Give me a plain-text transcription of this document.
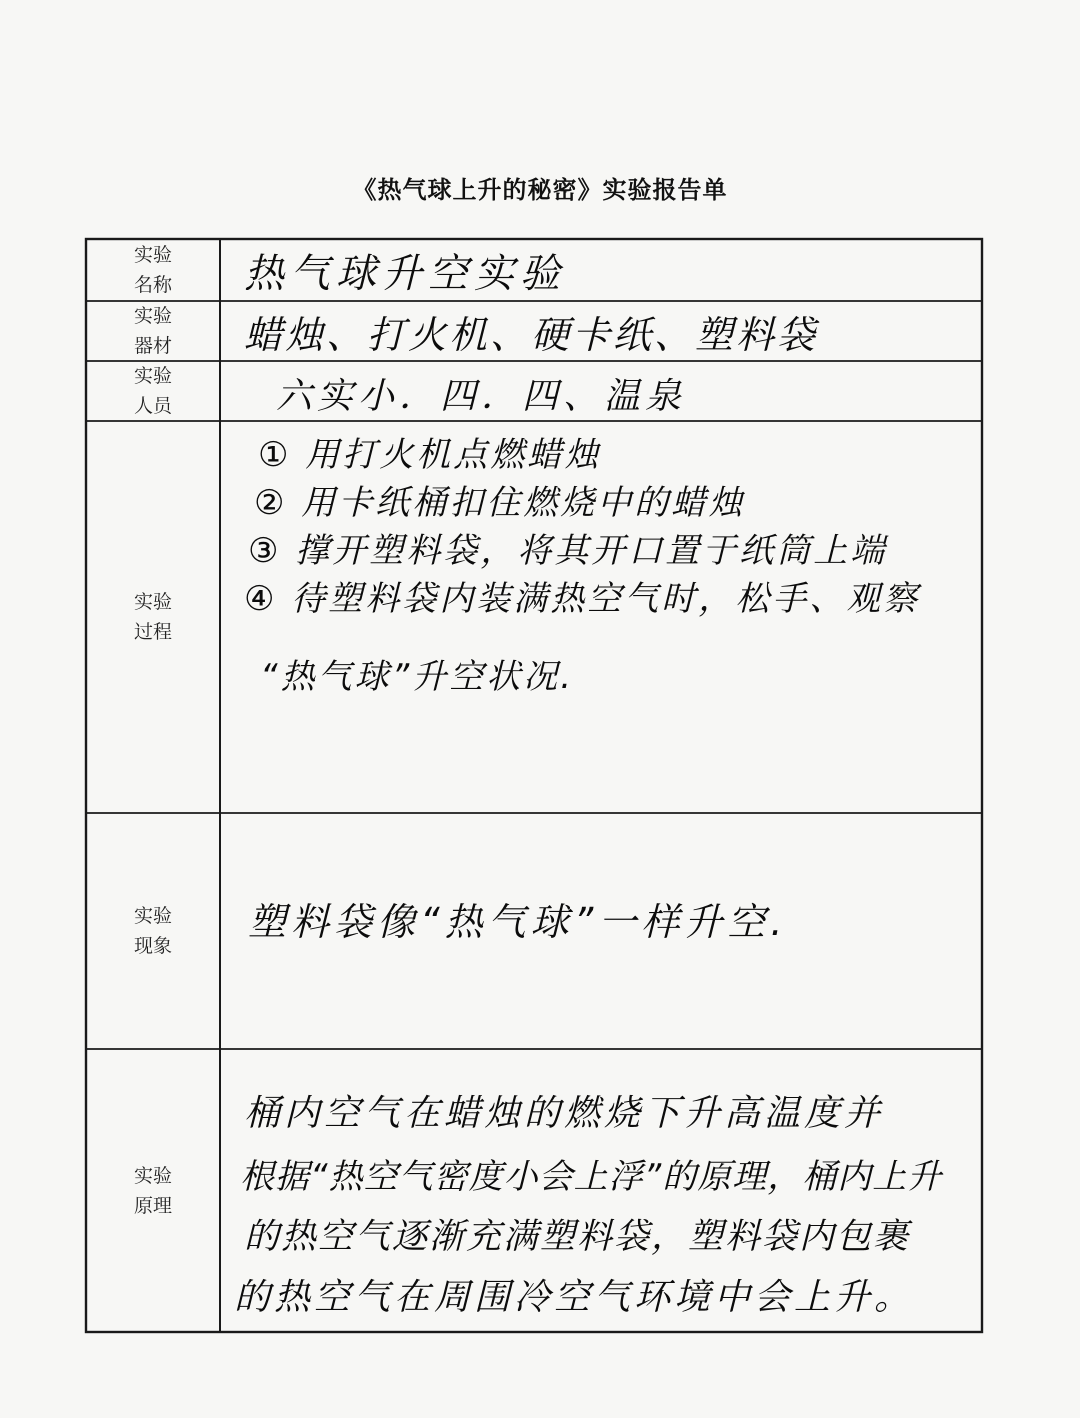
《热气球上升的秘密》实验报告单
实验
名称 热气球升空实验
实验
器材 蜡烛、打火机、硬卡纸、塑料袋
实验
人员	六实小．四．四、温泉
实验
过程
① 用打火机点燃蜡烛
② 用卡纸桶扣住燃烧中的蜡烛
③ 撑开塑料袋，将其开口置于纸筒上端
④ 待塑料袋内装满热空气时，松手、观察
“热气球”升空状况.
实验
现象
塑料袋像“热气球”一样升空.
实验
原理
桶内空气在蜡烛的燃烧下升高温度并
根据“热空气密度小会上浮”的原理，桶内上升
的热空气逐渐充满塑料袋，塑料袋内包裹
的热空气在周围冷空气环境中会上升。
